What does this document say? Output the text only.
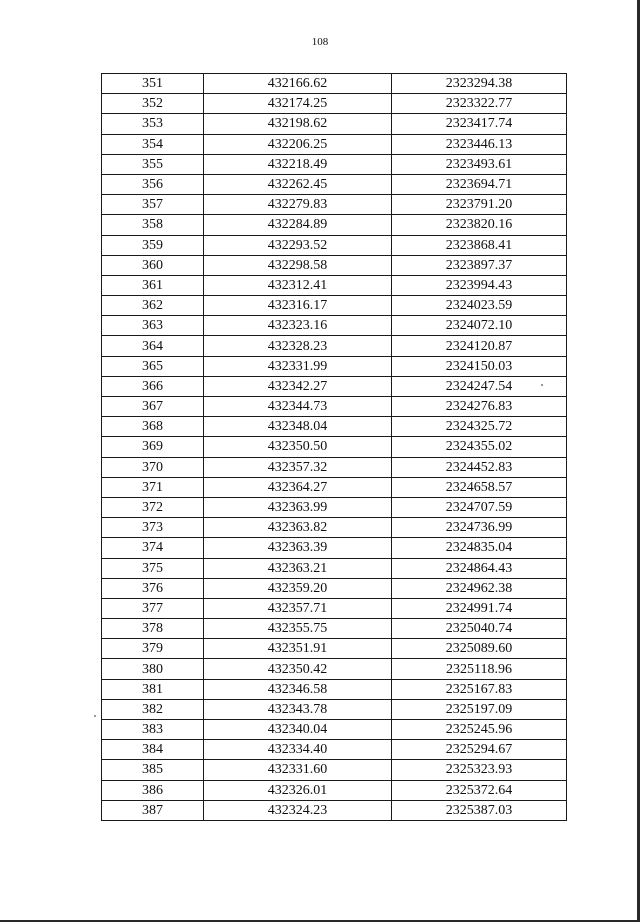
108
351	432166.62	2323294.38
352	432174.25	2323322.77
353	432198.62	2323417.74
354	432206.25	2323446.13
355	432218.49	2323493.61
356	432262.45	2323694.71
357	432279.83	2323791.20
358	432284.89	2323820.16
359	432293.52	2323868.41
360	432298.58	2323897.37
361	432312.41	2323994.43
362	432316.17	2324023.59
363	432323.16	2324072.10
364	432328.23	2324120.87
365	432331.99	2324150.03
366	432342.27	2324247.54
367	432344.73	2324276.83
368	432348.04	2324325.72
369	432350.50	2324355.02
370	432357.32	2324452.83
371	432364.27	2324658.57
372	432363.99	2324707.59
373	432363.82	2324736.99
374	432363.39	2324835.04
375	432363.21	2324864.43
376	432359.20	2324962.38
377	432357.71	2324991.74
378	432355.75	2325040.74
379	432351.91	2325089.60
380	432350.42	2325118.96
381	432346.58	2325167.83
382	432343.78	2325197.09
383	432340.04	2325245.96
384	432334.40	2325294.67
385	432331.60	2325323.93
386	432326.01	2325372.64
387	432324.23	2325387.03
